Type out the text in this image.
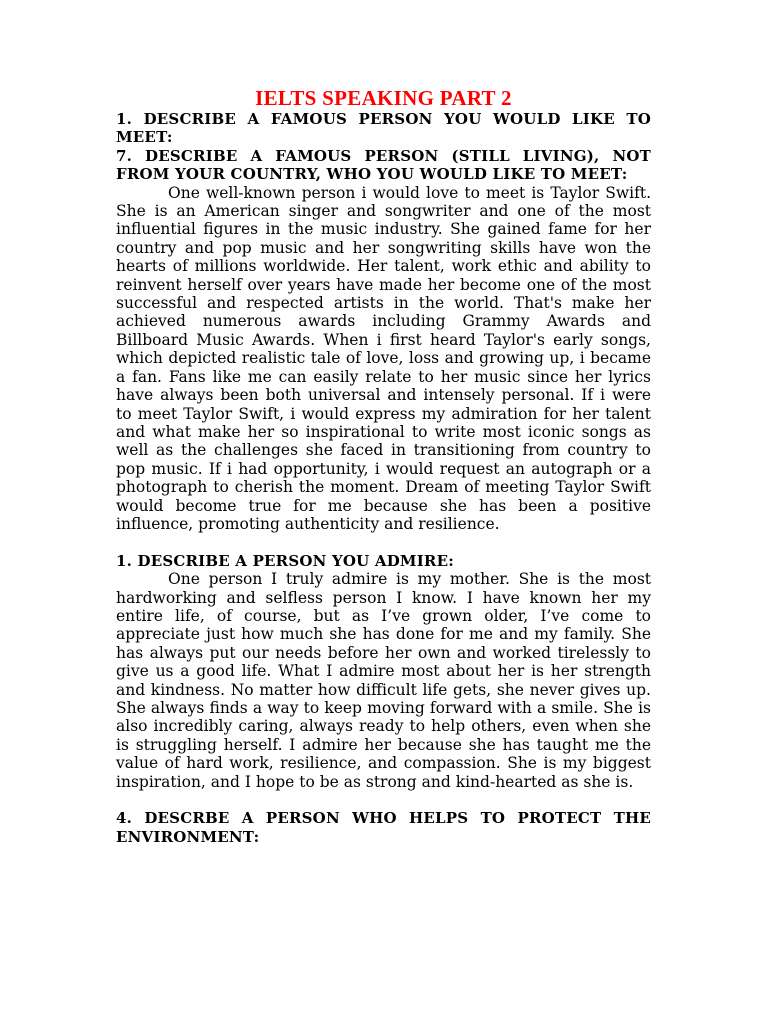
IELTS SPEAKING PART 2

1. DESCRIBE A FAMOUS PERSON YOU WOULD LIKE TO MEET:

7. DESCRIBE A FAMOUS PERSON (STILL LIVING), NOT FROM YOUR COUNTRY, WHO YOU WOULD LIKE TO MEET:

One well-known person i would love to meet is Taylor Swift. She is an American singer and songwriter and one of the most influential figures in the music industry. She gained fame for her country and pop music and her songwriting skills have won the hearts of millions worldwide. Her talent, work ethic and ability to reinvent herself over years have made her become one of the most successful and respected artists in the world. That's make her achieved numerous awards including Grammy Awards and Billboard Music Awards. When i first heard Taylor's early songs, which depicted realistic tale of love, loss and growing up, i became a fan. Fans like me can easily relate to her music since her lyrics have always been both universal and intensely personal. If i were to meet Taylor Swift, i would express my admiration for her talent and what make her so inspirational to write most iconic songs as well as the challenges she faced in transitioning from country to pop music. If i had opportunity, i would request an autograph or a photograph to cherish the moment. Dream of meeting Taylor Swift would become true for me because she has been a positive influence, promoting authenticity and resilience.

1. DESCRIBE A PERSON YOU ADMIRE:

One person I truly admire is my mother. She is the most hardworking and selfless person I know. I have known her my entire life, of course, but as I’ve grown older, I’ve come to appreciate just how much she has done for me and my family. She has always put our needs before her own and worked tirelessly to give us a good life. What I admire most about her is her strength and kindness. No matter how difficult life gets, she never gives up. She always finds a way to keep moving forward with a smile. She is also incredibly caring, always ready to help others, even when she is struggling herself. I admire her because she has taught me the value of hard work, resilience, and compassion. She is my biggest inspiration, and I hope to be as strong and kind-hearted as she is.

4. DESCRBE A PERSON WHO HELPS TO PROTECT THE ENVIRONMENT:
